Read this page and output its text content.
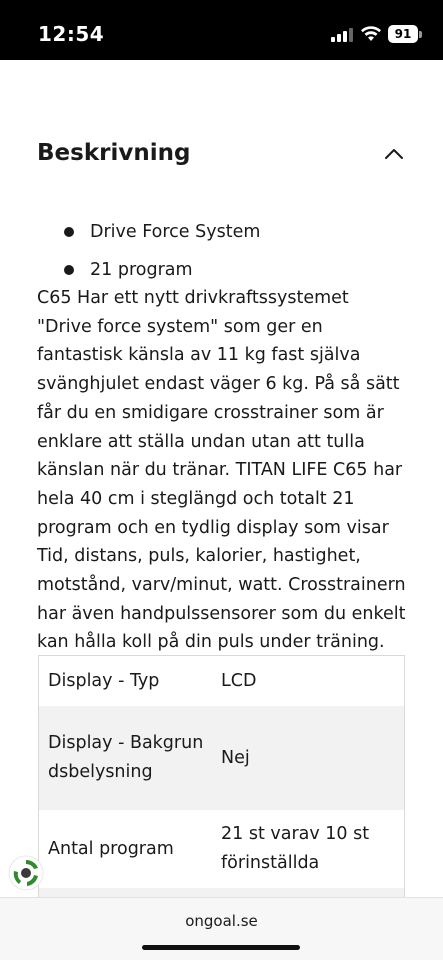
12:54	91
Beskrivning
Drive Force System
21 program

C65 Har ett nytt drivkraftssystemet "Drive force system" som ger en fantastisk känsla av 11 kg fast själva svänghjulet endast väger 6 kg. På så sätt får du en smidigare crosstrainer som är enklare att ställa undan utan att tulla känslan när du tränar. TITAN LIFE C65 har hela 40 cm i steglängd och totalt 21 program och en tydlig display som visar Tid, distans, puls, kalorier, hastighet, motstånd, varv/minut, watt. Crosstrainern har även handpulssensorer som du enkelt kan hålla koll på din puls under träning.

Display - Typ	LCD
Display - Bakgrundsbelysning
Nej
Antal program
21 st varav 10 st förinställda
ongoal.se
